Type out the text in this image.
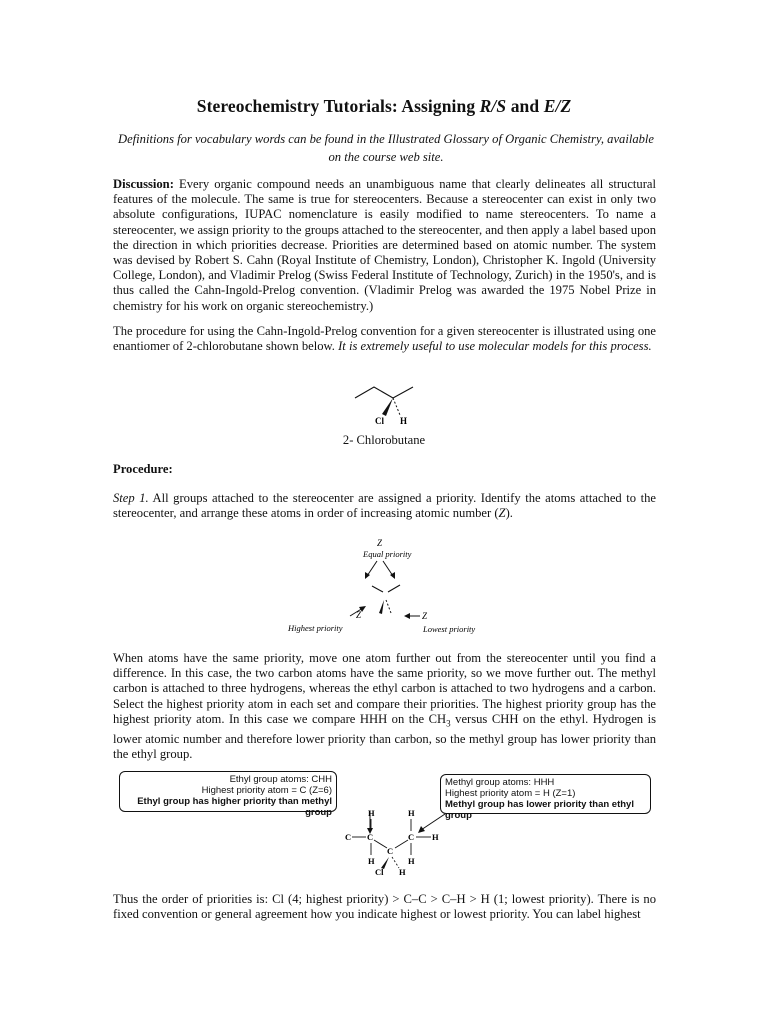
Stereochemistry Tutorials: Assigning R/S and E/Z
Definitions for vocabulary words can be found in the Illustrated Glossary of Organic Chemistry, available on the course web site.
Discussion: Every organic compound needs an unambiguous name that clearly delineates all structural features of the molecule. The same is true for stereocenters. Because a stereocenter can exist in only two absolute configurations, IUPAC nomenclature is easily modified to name stereocenters. To name a stereocenter, we assign priority to the groups attached to the stereocenter, and then apply a label based upon the direction in which priorities decrease. Priorities are determined based on atomic number. The system was devised by Robert S. Cahn (Royal Institute of Chemistry, London), Christopher K. Ingold (University College, London), and Vladimir Prelog (Swiss Federal Institute of Technology, Zurich) in the 1950's, and is thus called the Cahn-Ingold-Prelog convention. (Vladimir Prelog was awarded the 1975 Nobel Prize in chemistry for his work on organic stereochemistry.)
The procedure for using the Cahn-Ingold-Prelog convention for a given stereocenter is illustrated using one enantiomer of 2-chlorobutane shown below. It is extremely useful to use molecular models for this process.
Cl H
2- Chlorobutane
Procedure:
Step 1. All groups attached to the stereocenter are assigned a priority. Identify the atoms attached to the stereocenter, and arrange these atoms in order of increasing atomic number (Z).
Z
Equal priority
Z	Z
Highest priority	Lowest priority
When atoms have the same priority, move one atom further out from the stereocenter until you find a difference. In this case, the two carbon atoms have the same priority, so we move further out. The methyl carbon is attached to three hydrogens, whereas the ethyl carbon is attached to two hydrogens and a carbon. Select the highest priority atom in each set and compare their priorities. The highest priority group has the highest priority atom. In this case we compare HHH on the $CH_3$ versus CHH on the ethyl. Hydrogen is lower atomic number and therefore lower priority than carbon, so the methyl group has lower priority than the ethyl group.
Ethyl group atoms: CHH
Highest priority atom = C (Z=6)
Ethyl group has higher priority than methyl group
Methyl group atoms: HHH
Highest priority atom = H (Z=1)
Methyl group has lower priority than ethyl group
H	H
C C	C H
C
H	H
Cl H
Thus the order of priorities is: Cl (4; highest priority) > C–C > C–H > H (1; lowest priority). There is no fixed convention or general agreement how you indicate highest or lowest priority. You can label highest
